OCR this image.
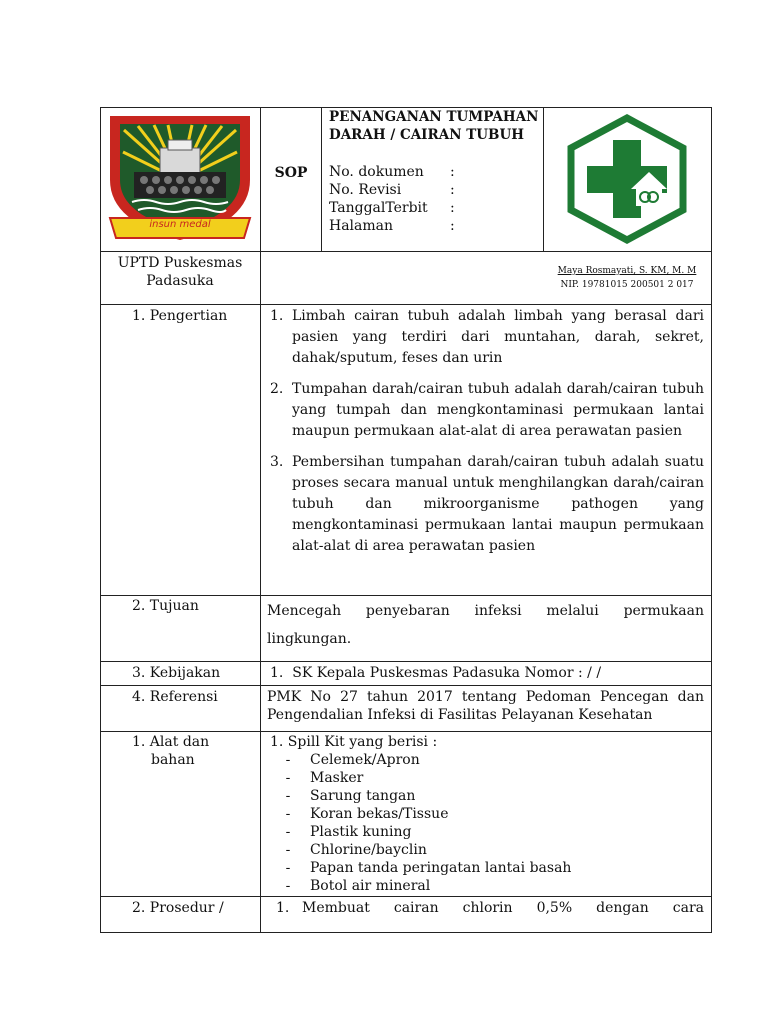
insun medal
SOP
PENANGANAN TUMPAHAN
DARAH / CAIRAN TUBUH
No. dokumen	:
No. Revisi	:
TanggalTerbit	:
Halaman	:
UPTD Puskesmas
Padasuka
Maya Rosmayati, S. KM, M. M
NIP. 19781015 200501 2 017
1. Pengertian	1. Limbah cairan tubuh adalah limbah yang berasal dari pasien yang terdiri dari muntahan, darah, sekret, dahak/sputum, feses dan urin
2. Tumpahan darah/cairan tubuh adalah darah/cairan tubuh yang tumpah dan mengkontaminasi permukaan lantai maupun permukaan alat-alat di area perawatan pasien
3. Pembersihan tumpahan darah/cairan tubuh adalah suatu proses secara manual untuk menghilangkan darah/cairan tubuh dan mikroorganisme pathogen yang mengkontaminasi permukaan lantai maupun permukaan alat-alat di area perawatan pasien
2. Tujuan	Mencegah penyebaran infeksi melalui permukaan lingkungan.
3. Kebijakan	1.  SK Kepala Puskesmas Padasuka Nomor : / /
4. Referensi	PMK No 27 tahun 2017 tentang Pedoman Pencegan dan Pengendalian Infeksi di Fasilitas Pelayanan Kesehatan
1. Alat dan
bahan
1. Spill Kit yang berisi :
-	Celemek/Apron
-	Masker
-	Sarung tangan
-	Koran bekas/Tissue
-	Plastik kuning
-	Chlorine/bayclin
-	Papan tanda peringatan lantai basah
-	Botol air mineral
2. Prosedur /	1. Membuat cairan chlorin 0,5% dengan cara
